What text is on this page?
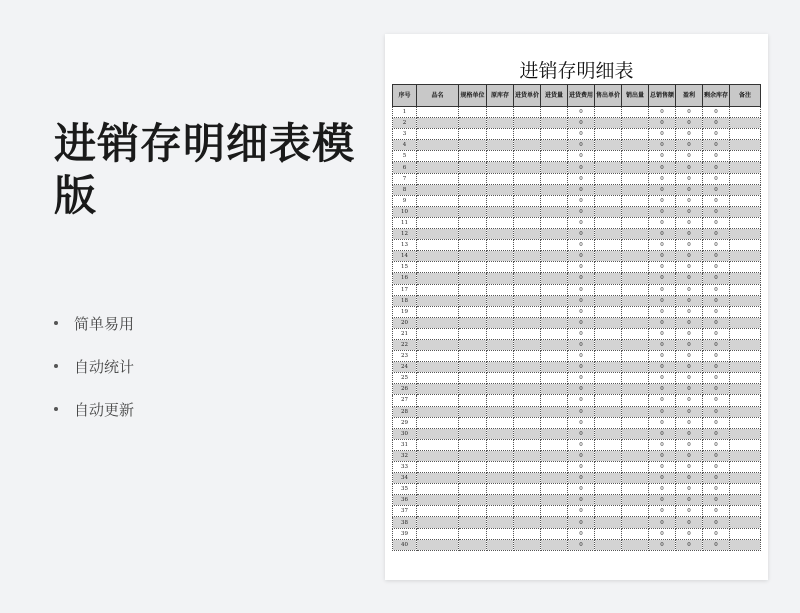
进销存明细表模版
简单易用
自动统计
自动更新
进销存明细表
序号	品名	规格单位	原库存	进货单价	进货量	进货费用	售出单价	销出量	总销售额	盈利	剩余库存	备注
1						0			0	0	0	
2						0			0	0	0	
3						0			0	0	0	
4						0			0	0	0	
5						0			0	0	0	
6						0			0	0	0	
7						0			0	0	0	
8						0			0	0	0	
9						0			0	0	0	
10						0			0	0	0	
11						0			0	0	0	
12						0			0	0	0	
13						0			0	0	0	
14						0			0	0	0	
15						0			0	0	0	
16						0			0	0	0	
17						0			0	0	0	
18						0			0	0	0	
19						0			0	0	0	
20						0			0	0	0	
21						0			0	0	0	
22						0			0	0	0	
23						0			0	0	0	
24						0			0	0	0	
25						0			0	0	0	
26						0			0	0	0	
27						0			0	0	0	
28						0			0	0	0	
29						0			0	0	0	
30						0			0	0	0	
31						0			0	0	0	
32						0			0	0	0	
33						0			0	0	0	
34						0			0	0	0	
35						0			0	0	0	
36						0			0	0	0	
37						0			0	0	0	
38						0			0	0	0	
39						0			0	0	0	
40						0			0	0	0	
